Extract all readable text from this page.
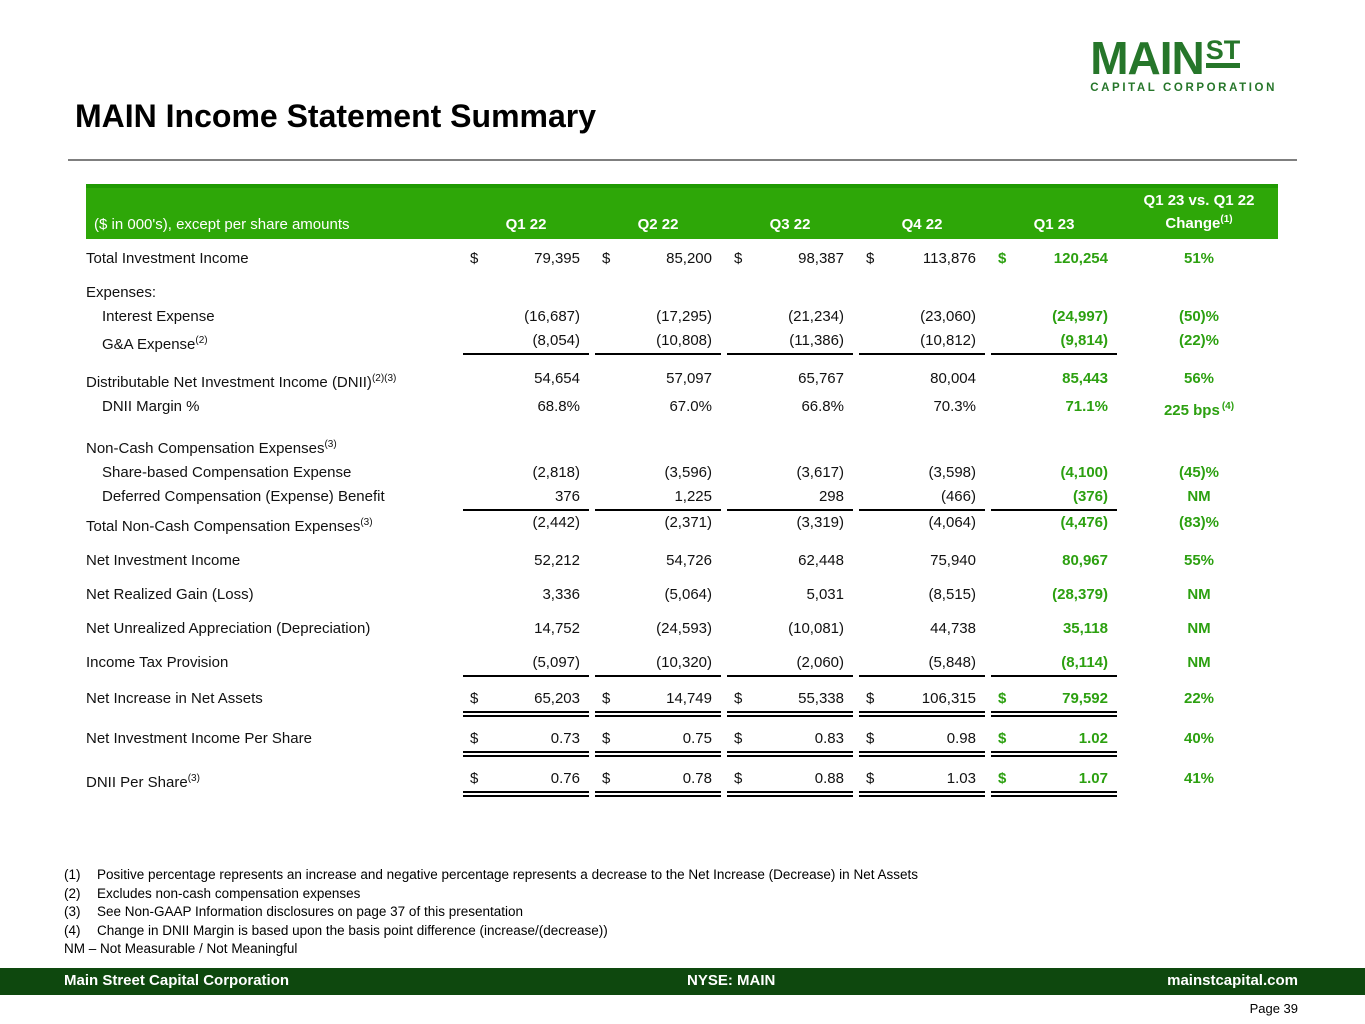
MAIN ST
CAPITAL CORPORATION
MAIN Income Statement Summary
($ in 000's), except per share amounts	Q1 22	Q2 22	Q3 22	Q4 22	Q1 23
Q1 23 vs. Q1 22
Change$^{(1)}$
Total Investment Income	$	79,395 $	85,200 $	98,387 $	113,876 $	120,254	51%
Expenses:
Interest Expense	(16,687)	(17,295)	(21,234)	(23,060)	(24,997)	(50)%
G&A Expense$^{(2)}$	(8,054)	(10,808)	(11,386)	(10,812)	(9,814)	(22)%
Distributable Net Investment Income (DNII)$^{(2)(3)}$	54,654	57,097	65,767	80,004	85,443	56%
DNII Margin %	68.8%	67.0%	66.8%	70.3%	71.1%	225 bps $^{(4)}$
Non-Cash Compensation Expenses$^{(3)}$
Share-based Compensation Expense	(2,818)	(3,596)	(3,617)	(3,598)	(4,100)	(45)%
Deferred Compensation (Expense) Benefit	376	1,225	298	(466)	(376)	NM
Total Non-Cash Compensation Expenses$^{(3)}$	(2,442)	(2,371)	(3,319)	(4,064)	(4,476)	(83)%
Net Investment Income	52,212	54,726	62,448	75,940	80,967	55%
Net Realized Gain (Loss)	3,336	(5,064)	5,031	(8,515)	(28,379)	NM
Net Unrealized Appreciation (Depreciation)	14,752	(24,593)	(10,081)	44,738	35,118	NM
Income Tax Provision	(5,097)	(10,320)	(2,060)	(5,848)	(8,114)	NM
Net Increase in Net Assets	$	65,203 $	14,749 $	55,338 $	106,315 $	79,592	22%
Net Investment Income Per Share	$	0.73 $	0.75 $	0.83 $	0.98 $	1.02	40%
DNII Per Share$^{(3)}$	$	0.76 $	0.78 $	0.88 $	1.03 $	1.07	41%
(1)	Positive percentage represents an increase and negative percentage represents a decrease to the Net Increase (Decrease) in Net Assets
(2)	Excludes non-cash compensation expenses
(3)	See Non-GAAP Information disclosures on page 37 of this presentation
(4)	Change in DNII Margin is based upon the basis point difference (increase/(decrease))
NM – Not Measurable / Not Meaningful
Main Street Capital Corporation	NYSE: MAIN	mainstcapital.com
Page 39
